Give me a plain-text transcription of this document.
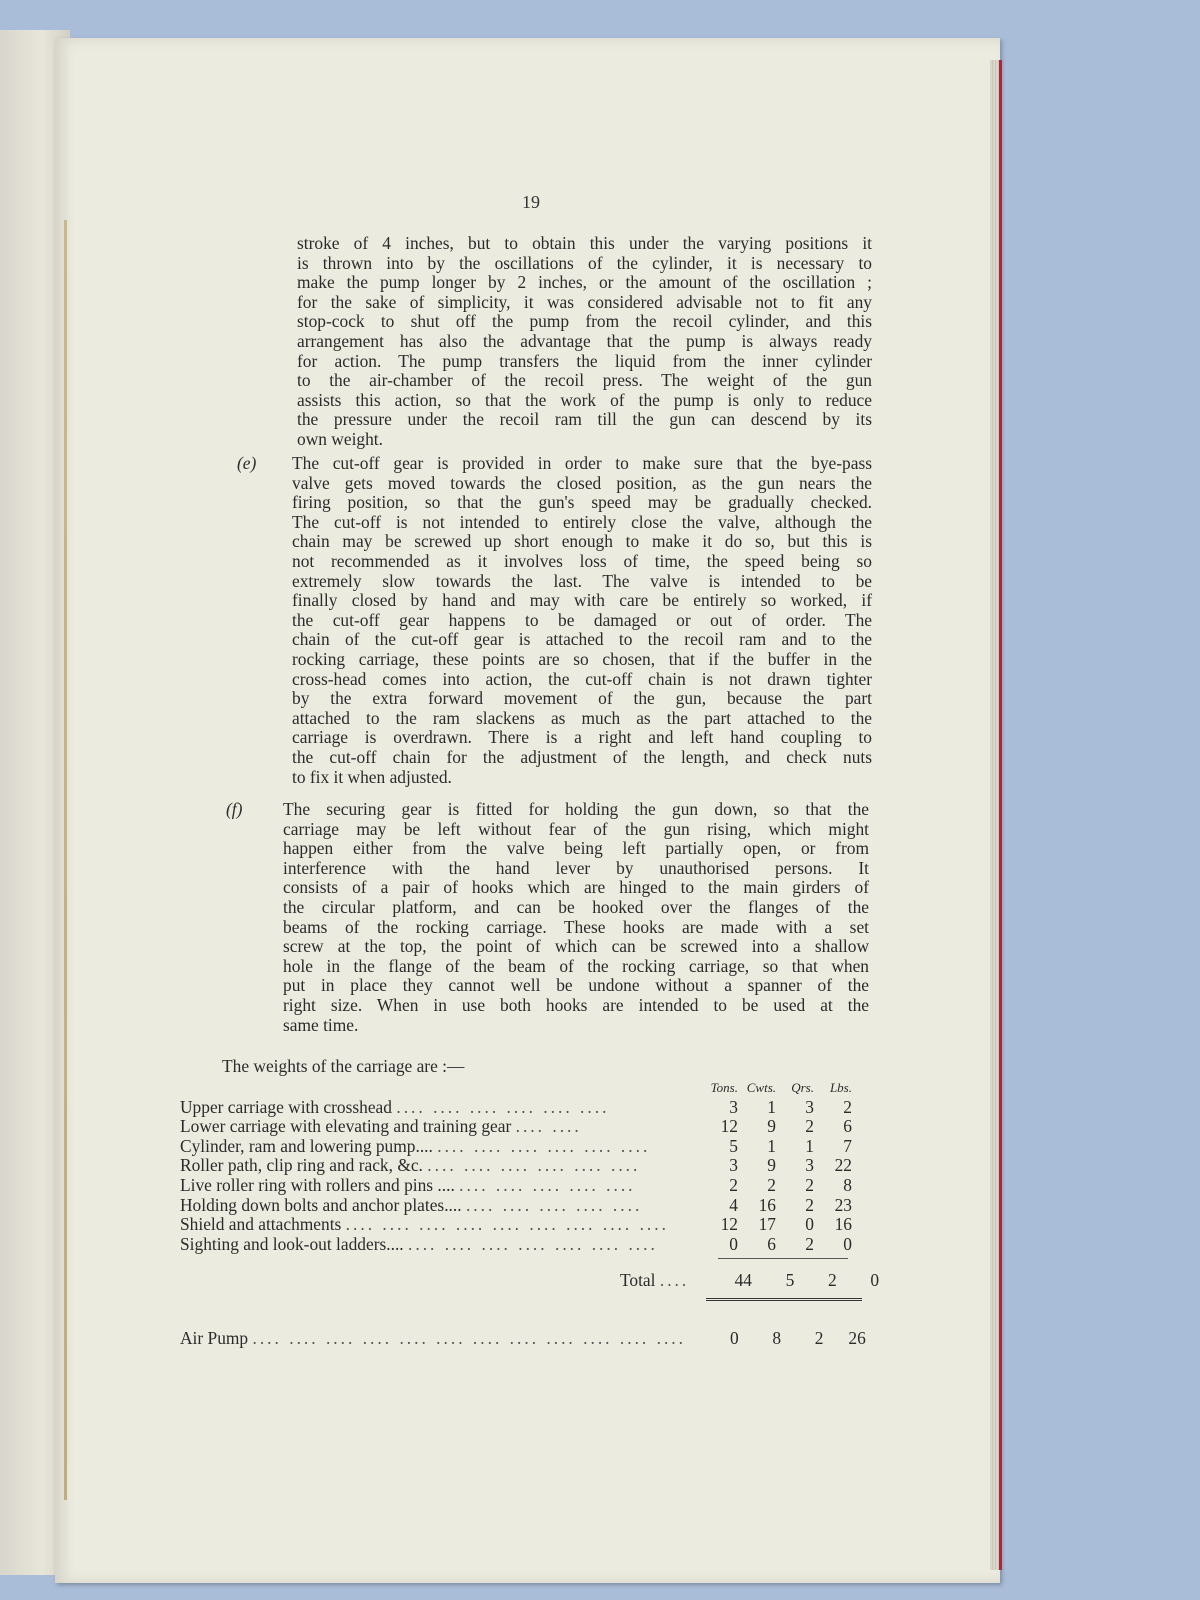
19
stroke of 4 inches, but to obtain this under the varying positions it
is thrown into by the oscillations of the cylinder, it is necessary to
make the pump longer by 2 inches, or the amount of the oscillation ;
for the sake of simplicity, it was considered advisable not to fit any
stop-cock to shut off the pump from the recoil cylinder, and this
arrangement has also the advantage that the pump is always ready
for action. The pump transfers the liquid from the inner cylinder
to the air-chamber of the recoil press. The weight of the gun
assists this action, so that the work of the pump is only to reduce
the pressure under the recoil ram till the gun can descend by its
own weight.
(e) The cut-off gear is provided in order to make sure that the bye-pass
valve gets moved towards the closed position, as the gun nears the
firing position, so that the gun's speed may be gradually checked.
The cut-off is not intended to entirely close the valve, although the
chain may be screwed up short enough to make it do so, but this is
not recommended as it involves loss of time, the speed being so
extremely slow towards the last. The valve is intended to be
finally closed by hand and may with care be entirely so worked, if
the cut-off gear happens to be damaged or out of order. The
chain of the cut-off gear is attached to the recoil ram and to the
rocking carriage, these points are so chosen, that if the buffer in the
cross-head comes into action, the cut-off chain is not drawn tighter
by the extra forward movement of the gun, because the part
attached to the ram slackens as much as the part attached to the
carriage is overdrawn. There is a right and left hand coupling to
the cut-off chain for the adjustment of the length, and check nuts
to fix it when adjusted.
(f) The securing gear is fitted for holding the gun down, so that the
carriage may be left without fear of the gun rising, which might
happen either from the valve being left partially open, or from
interference with the hand lever by unauthorised persons. It
consists of a pair of hooks which are hinged to the main girders of
the circular platform, and can be hooked over the flanges of the
beams of the rocking carriage. These hooks are made with a set
screw at the top, the point of which can be screwed into a shallow
hole in the flange of the beam of the rocking carriage, so that when
put in place they cannot well be undone without a spanner of the
right size. When in use both hooks are intended to be used at the
same time.
The weights of the carriage are :—
	Tons.	Cwts.	Qrs.	Lbs.
Upper carriage with crosshead .... .... .... .... .... ....	3	1	3	2
Lower carriage with elevating and training gear .... ....	12	9	2	6
Cylinder, ram and lowering pump.... .... .... .... .... .... ....	5	1	1	7
Roller path, clip ring and rack, &c. .... .... .... .... .... ....	3	9	3	22
Live roller ring with rollers and pins .... .... .... .... .... ....	2	2	2	8
Holding down bolts and anchor plates.... .... .... .... .... ....	4	16	2	23
Shield and attachments .... .... .... .... .... .... .... .... ....	12	17	0	16
Sighting and look-out ladders.... .... .... .... .... .... .... ....	0	6	2	0
Total ....	44 5 2 0
Air Pump .... .... .... .... .... .... .... .... .... .... .... ....	0 8 2 26
